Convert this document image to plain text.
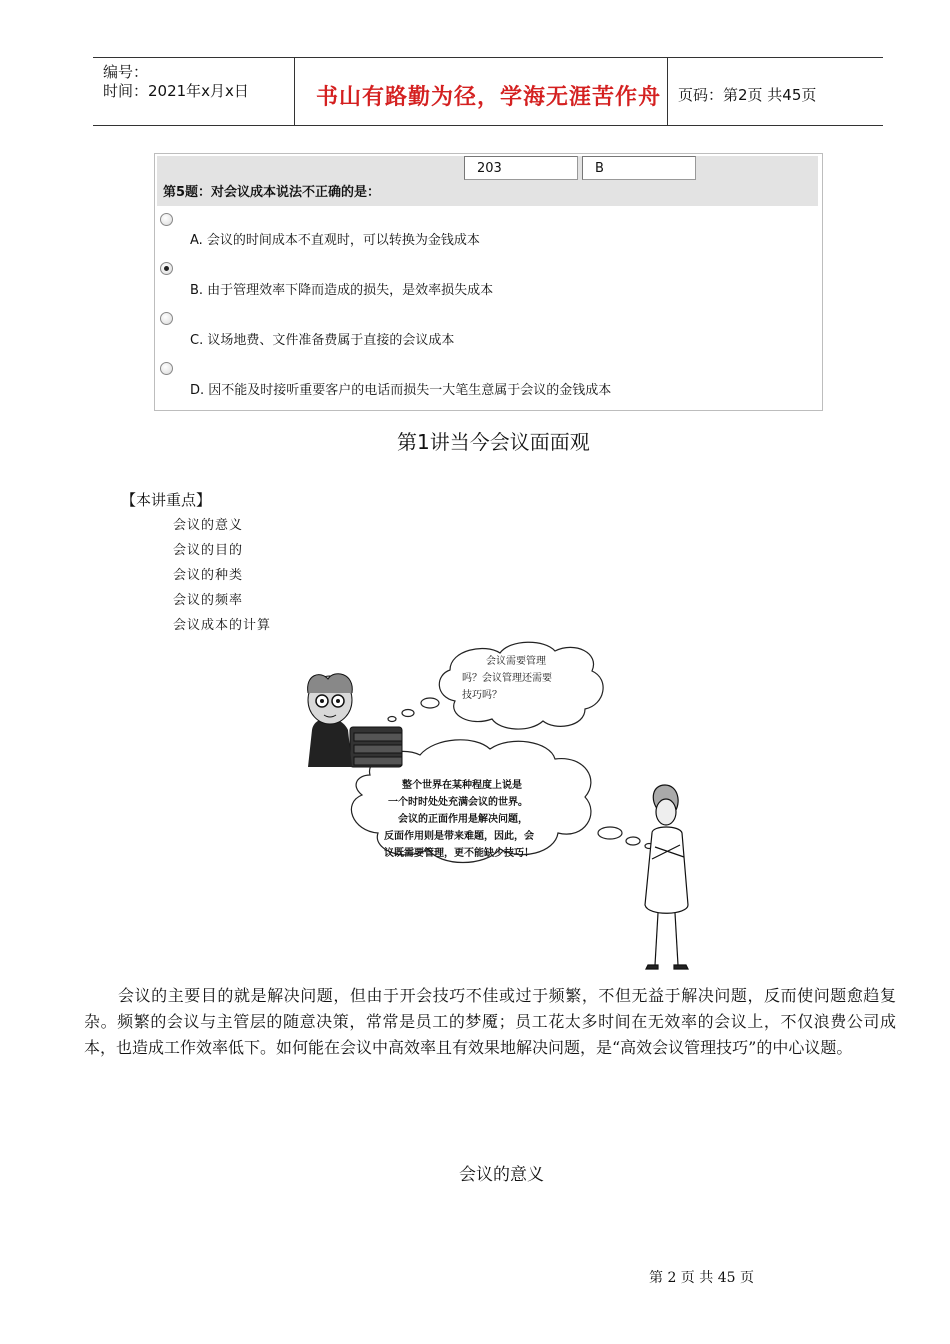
编号：
时间：2021年x月x日	书山有路勤为径，学海无涯苦作舟 页码：第2页 共45页
第5题：对会议成本说法不正确的是：
203	B
A. 会议的时间成本不直观时，可以转换为金钱成本
B. 由于管理效率下降而造成的损失，是效率损失成本
C. 议场地费、文件准备费属于直接的会议成本
D. 因不能及时接听重要客户的电话而损失一大笔生意属于会议的金钱成本
第1讲当今会议面面观
【本讲重点】
会议的意义
会议的目的
会议的种类
会议的频率
会议成本的计算
会议需要管理
吗？会议管理还需要
技巧吗？
整个世界在某种程度上说是
一个时时处处充满会议的世界。
会议的正面作用是解决问题，
反面作用则是带来难题，因此，会
议既需要管理，更不能缺少技巧！
会议的主要目的就是解决问题，但由于开会技巧不佳或过于频繁，不但无益于解决问题，反而使问题愈趋复杂。频繁的会议与主管层的随意决策，常常是员工的梦魇；员工花太多时间在无效率的会议上，不仅浪费公司成本，也造成工作效率低下。如何能在会议中高效率且有效果地解决问题，是“高效会议管理技巧”的中心议题。
会议的意义
第 2 页 共 45 页
